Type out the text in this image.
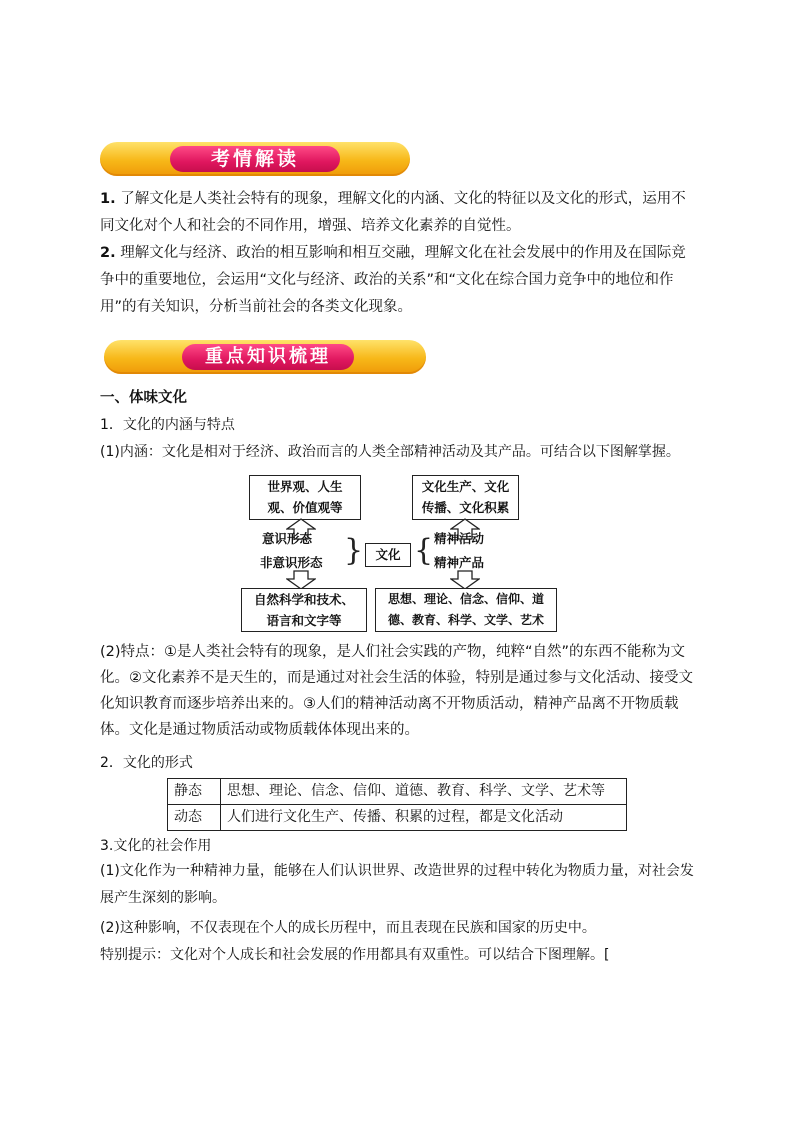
考情解读
1. 了解文化是人类社会特有的现象，理解文化的内涵、文化的特征以及文化的形式，运用不同文化对个人和社会的不同作用，增强、培养文化素养的自觉性。
2. 理解文化与经济、政治的相互影响和相互交融，理解文化在社会发展中的作用及在国际竞争中的重要地位，会运用“文化与经济、政治的关系”和“文化在综合国力竞争中的地位和作用”的有关知识，分析当前社会的各类文化现象。
重点知识梳理
一、体味文化
1．文化的内涵与特点
(1)内涵：文化是相对于经济、政治而言的人类全部精神活动及其产品。可结合以下图解掌握。
世界观、人生
观、价值观等
文化生产、文化
传播、文化积累
意识形态
非意识形态 } 文化 { 精神活动
精神产品
自然科学和技术、
语言和文字等
思想、理论、信念、信仰、道
德、教育、科学、文学、艺术
(2)特点：①是人类社会特有的现象，是人们社会实践的产物，纯粹“自然”的东西不能称为文化。②文化素养不是天生的，而是通过对社会生活的体验，特别是通过参与文化活动、接受文化知识教育而逐步培养出来的。③人们的精神活动离不开物质活动，精神产品离不开物质载体。文化是通过物质活动或物质载体体现出来的。
2．文化的形式
静态	思想、理论、信念、信仰、道德、教育、科学、文学、艺术等
动态	人们进行文化生产、传播、积累的过程，都是文化活动
3.文化的社会作用
(1)文化作为一种精神力量，能够在人们认识世界、改造世界的过程中转化为物质力量，对社会发展产生深刻的影响。
(2)这种影响，不仅表现在个人的成长历程中，而且表现在民族和国家的历史中。
特别提示：文化对个人成长和社会发展的作用都具有双重性。可以结合下图理解。[
